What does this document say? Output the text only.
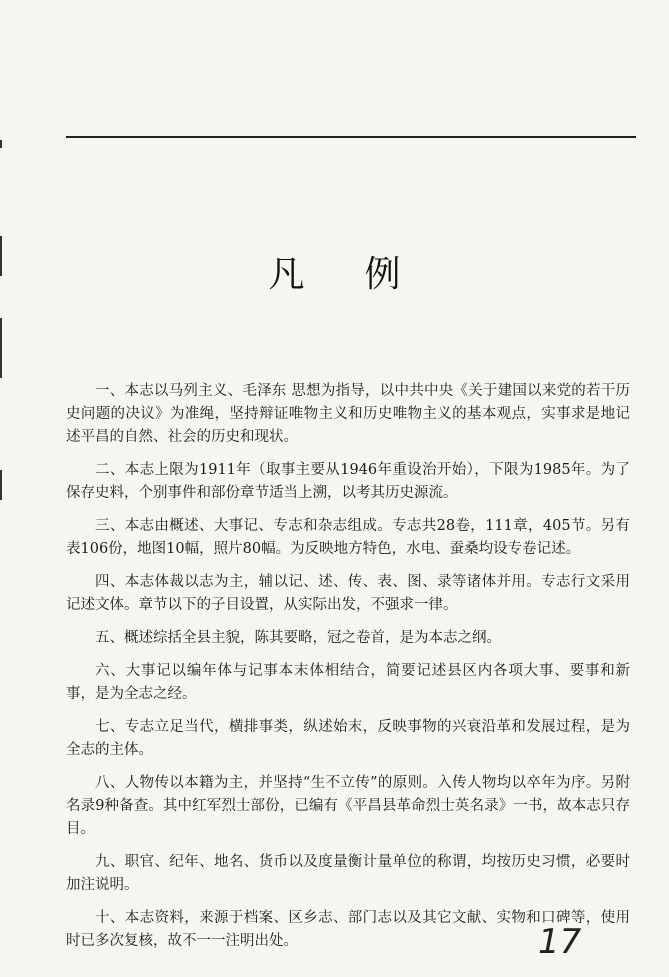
凡 例

一、本志以马列主义、毛泽东 思想为指导，以中共中央《关于建国以来党的若干历史问题的决议》为准绳，坚持辩证唯物主义和历史唯物主义的基本观点，实事求是地记述平昌的自然、社会的历史和现状。

二、本志上限为1911年（取事主要从1946年重设治开始），下限为1985年。为了保存史料，个别事件和部份章节适当上溯，以考其历史源流。

三、本志由概述、大事记、专志和杂志组成。专志共28卷，111章，405节。另有表106份，地图10幅，照片80幅。为反映地方特色，水电、蚕桑均设专卷记述。

四、本志体裁以志为主，辅以记、述、传、表、图、录等诸体并用。专志行文采用记述文体。章节以下的子目设置，从实际出发，不强求一律。

五、概述综括全县主貌，陈其要略，冠之卷首，是为本志之纲。

六、大事记以编年体与记事本末体相结合，简要记述县区内各项大事、要事和新事，是为全志之经。

七、专志立足当代，横排事类，纵述始末，反映事物的兴衰沿革和发展过程，是为全志的主体。

八、人物传以本籍为主，并坚持“生不立传”的原则。入传人物均以卒年为序。另附名录9种备查。其中红军烈士部份，已编有《平昌县革命烈士英名录》一书，故本志只存目。

九、职官、纪年、地名、货币以及度量衡计量单位的称谓，均按历史习惯，必要时加注说明。

十、本志资料，来源于档案、区乡志、部门志以及其它文献、实物和口碑等，使用时已多次复核，故不一一注明出处。	17
